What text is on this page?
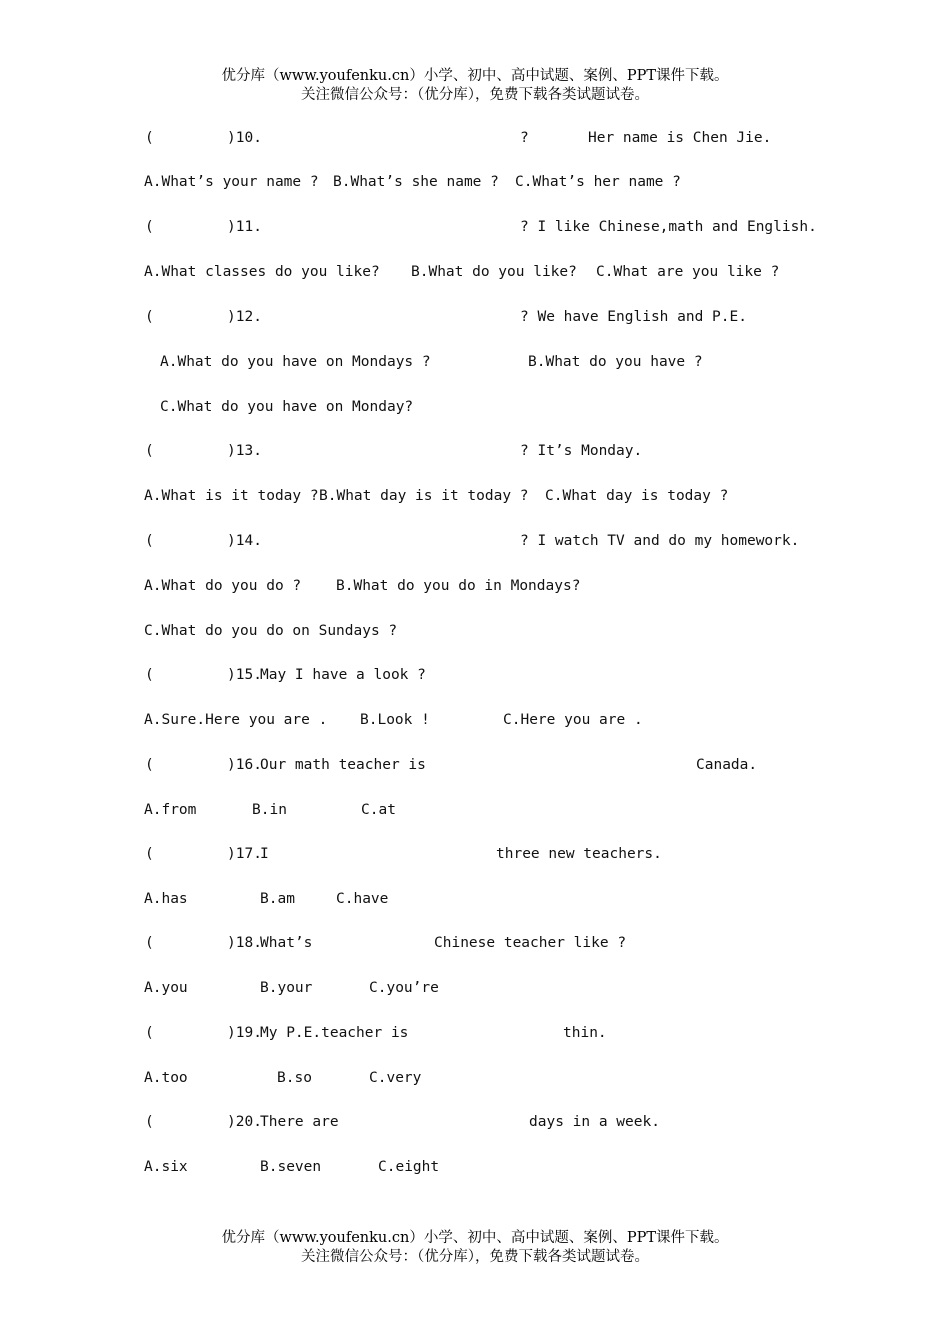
优分库（www.youfenku.cn）小学、初中、高中试题、案例、PPT课件下载。
关注微信公众号：（优分库），免费下载各类试题试卷。

(

	)10.

	?

	Her name is Chen Jie.

A.What’s your name ?

B.What’s she name ?

C.What’s her name ?

(

	)11.

	? I like Chinese,math and English.

A.What classes do you like?

B.What do you like?

C.What are you like ?

(

	)12.

	? We have English and P.E.

A.What do you have on Mondays ?

	B.What do you have ?

C.What do you have on Monday?

(

	)13.

	? It’s Monday.

A.What is it today ?

B.What day is it today ?

C.What day is today ?

(

	)14.

	? I watch TV and do my homework.

A.What do you do ?

B.What do you do in Mondays?

C.What do you do on Sundays ?

(

	)15.

May I have a look ?

A.Sure.Here you are .

B.Look !

	C.Here you are .

(

	)16.

Our math teacher is

	Canada.

A.from

	B.in

	C.at

(

	)17.

I

	three new teachers.

A.has

	B.am

	C.have

(

	)18.

What’s

	Chinese teacher like ?

A.you

	B.your

	C.you’re

(

	)19.

My P.E.teacher is

	thin.

A.too

	B.so

	C.very

(

	)20.

There are

	days in a week.

A.six

	B.seven

	C.eight

优分库（www.youfenku.cn）小学、初中、高中试题、案例、PPT课件下载。
关注微信公众号：（优分库），免费下载各类试题试卷。
